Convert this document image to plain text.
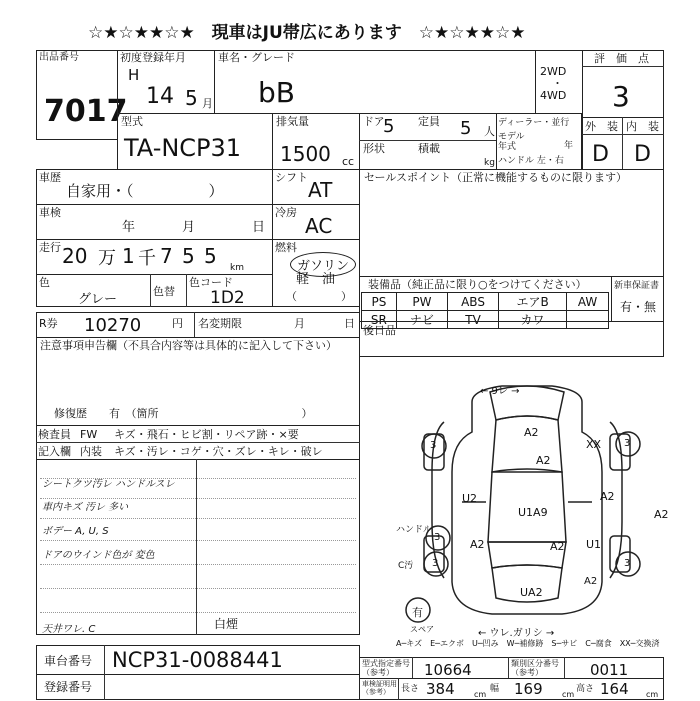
☆★☆★★☆★　現車はJU帯広にあります　☆★☆★★☆★
出品番号
7017
初度登録年月
H
14 5 月
車名・グレード
bB
2WD
・
4WD
評　価　点
3
型式
TA-NCP31
排気量
1500 cc
ドア
5 定員 5 人
形状	積載
kg
ディーラー・並行
モデル年式	年
ハンドル 左・右
外　装 内　装
D D
車歴
自家用・（　　　　　）
シフト
AT
車検
年	月	日
冷房
AC
走行 20 万 1 千 7 5 5 km
燃料
ガソリン
軽　油
（　　　　）
色
グレー
色替
色コード
1D2
R券 10270	円 名変期限	月	日
注意事項申告欄（不具合内容等は具体的に記入して下さい）
修復歴　　有　（箇所　　　　　　　　　　　　　）
検査員 FW キズ・飛石・ヒビ割・リペア跡・×要
記入欄 内装 キズ・汚レ・コゲ・穴・ズレ・キレ・破レ
シートクツ汚レ ハンドルスレ
車内キズ 汚レ 多い
ボデー A, U, S
ドアのウインド色が 変色
天井ワレ. C	白煙
セールスポイント（正常に機能するものに限ります）
装備品（純正品に限り○をつけてください）
PS	PW	ABS	エアB	AW
SR	ナビ	TV	カワ	
新車保証書
有・無
後日品
← 9レ →
A2
A2
U1A9
U2	A2
A2
U1
UA2
XX
A2	A2
3	3
3
3	3
ハンドル
C汚
A2
有
スペア	← ウレ.ガリシ →
A─キズ　E─エクボ　U─凹み　W─補修跡　S─サビ　C─腐食　XX─交換済
車台番号 NCP31-0088441
登録番号
型式指定番号（参考）	10664	類別区分番号（参考）	0011
車検証明用（参考）	長さ 384 cm
幅 169 cm
高さ 164 cm
